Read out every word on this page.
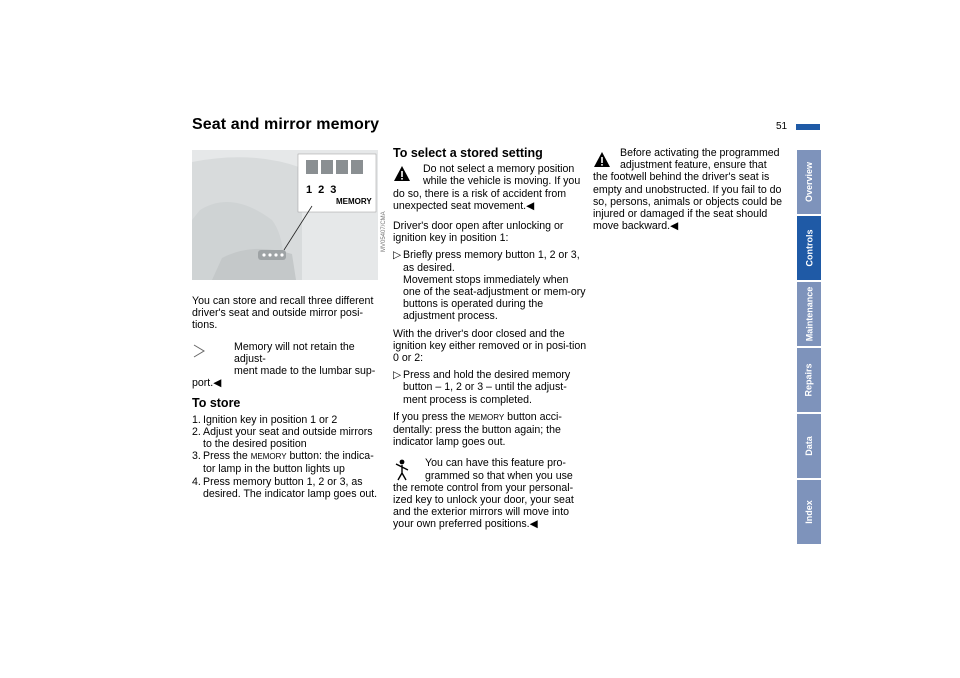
Seat and mirror memory	51
Overview
Controls
Maintenance
Repairs
Data
Index
123
MEMORY
MV05407/CMA

You can store and recall three different driver's seat and outside mirror posi-tions.

Memory will not retain the adjust-
ment made to the lumbar sup-
port.◀
To store
1. Ignition key in position 1 or 2
2. Adjust your seat and outside mirrors to the desired position
3. Press the MEMORY button: the indica-tor lamp in the button lights up
4. Press memory button 1, 2 or 3, as desired. The indicator lamp goes out.
To select a stored setting
Do not select a memory position
while the vehicle is moving. If you
do so, there is a risk of accident from unexpected seat movement.◀

Driver's door open after unlocking or ignition key in position 1:

▷ Briefly press memory button 1, 2 or 3, as desired.
Movement stops immediately when one of the seat-adjustment or mem-ory buttons is operated during the adjustment process.

With the driver's door closed and the ignition key either removed or in posi-tion 0 or 2:

▷ Press and hold the desired memory button – 1, 2 or 3 – until the adjust-ment process is completed.

If you press the MEMORY button acci-dentally: press the button again; the indicator lamp goes out.

You can have this feature pro-
grammed so that when you use
the remote control from your personal-ized key to unlock your door, your seat and the exterior mirrors will move into your own preferred positions.◀
Before activating the programmed
adjustment feature, ensure that
the footwell behind the driver's seat is empty and unobstructed. If you fail to do so, persons, animals or objects could be injured or damaged if the seat should move backward.◀
